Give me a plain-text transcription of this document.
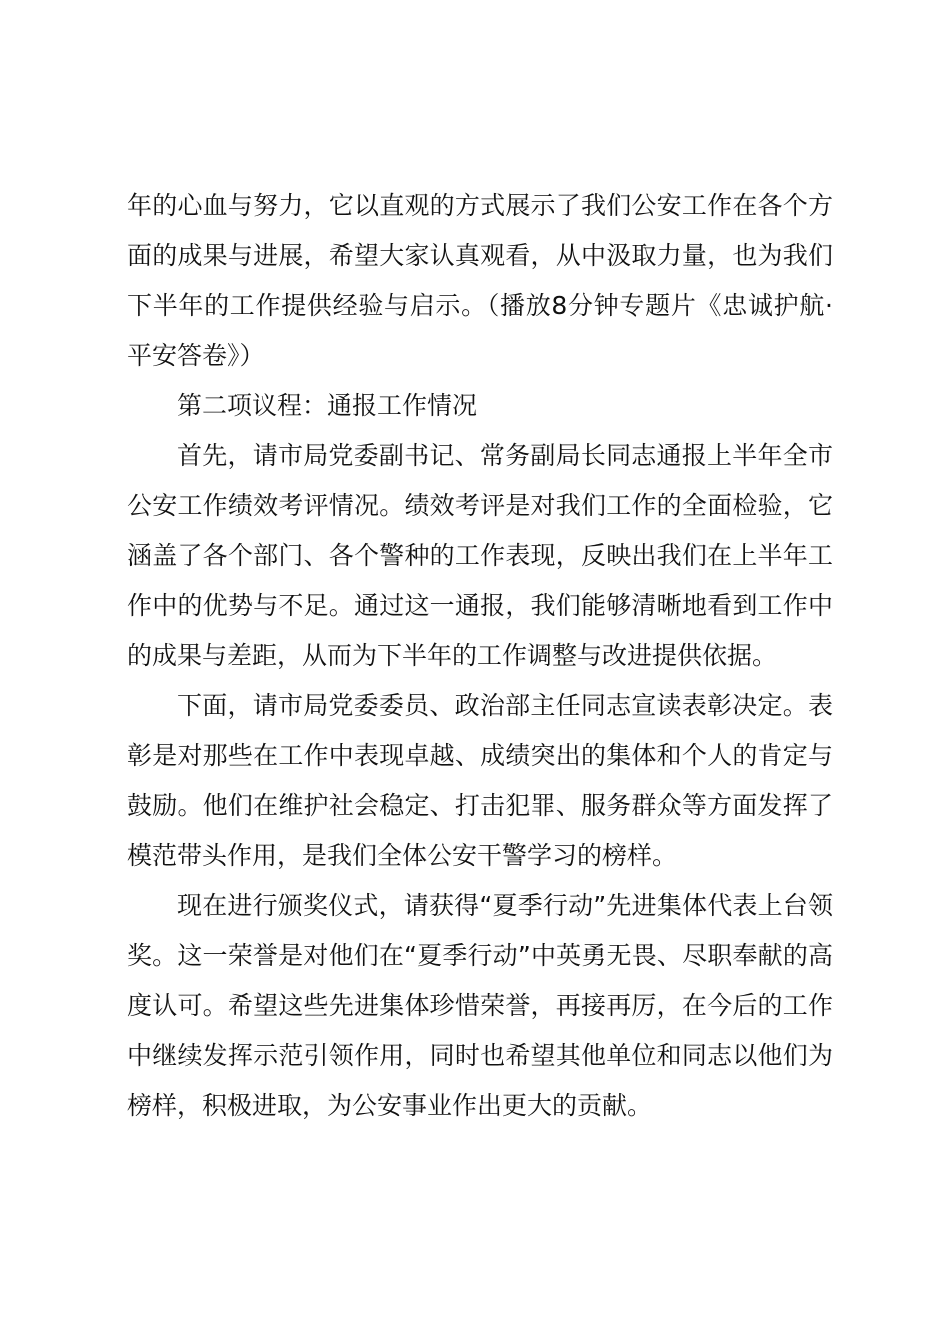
年的心血与努力，它以直观的方式展示了我们公安工作在各个方面的成果与进展，希望大家认真观看，从中汲取力量，也为我们下半年的工作提供经验与启示。（播放8分钟专题片《忠诚护航·平安答卷》）

第二项议程：通报工作情况

首先，请市局党委副书记、常务副局长同志通报上半年全市公安工作绩效考评情况。绩效考评是对我们工作的全面检验，它涵盖了各个部门、各个警种的工作表现，反映出我们在上半年工作中的优势与不足。通过这一通报，我们能够清晰地看到工作中的成果与差距，从而为下半年的工作调整与改进提供依据。

下面，请市局党委委员、政治部主任同志宣读表彰决定。表彰是对那些在工作中表现卓越、成绩突出的集体和个人的肯定与鼓励。他们在维护社会稳定、打击犯罪、服务群众等方面发挥了模范带头作用，是我们全体公安干警学习的榜样。

现在进行颁奖仪式，请获得“夏季行动”先进集体代表上台领奖。这一荣誉是对他们在“夏季行动”中英勇无畏、尽职奉献的高度认可。希望这些先进集体珍惜荣誉，再接再厉，在今后的工作中继续发挥示范引领作用，同时也希望其他单位和同志以他们为榜样，积极进取，为公安事业作出更大的贡献。
